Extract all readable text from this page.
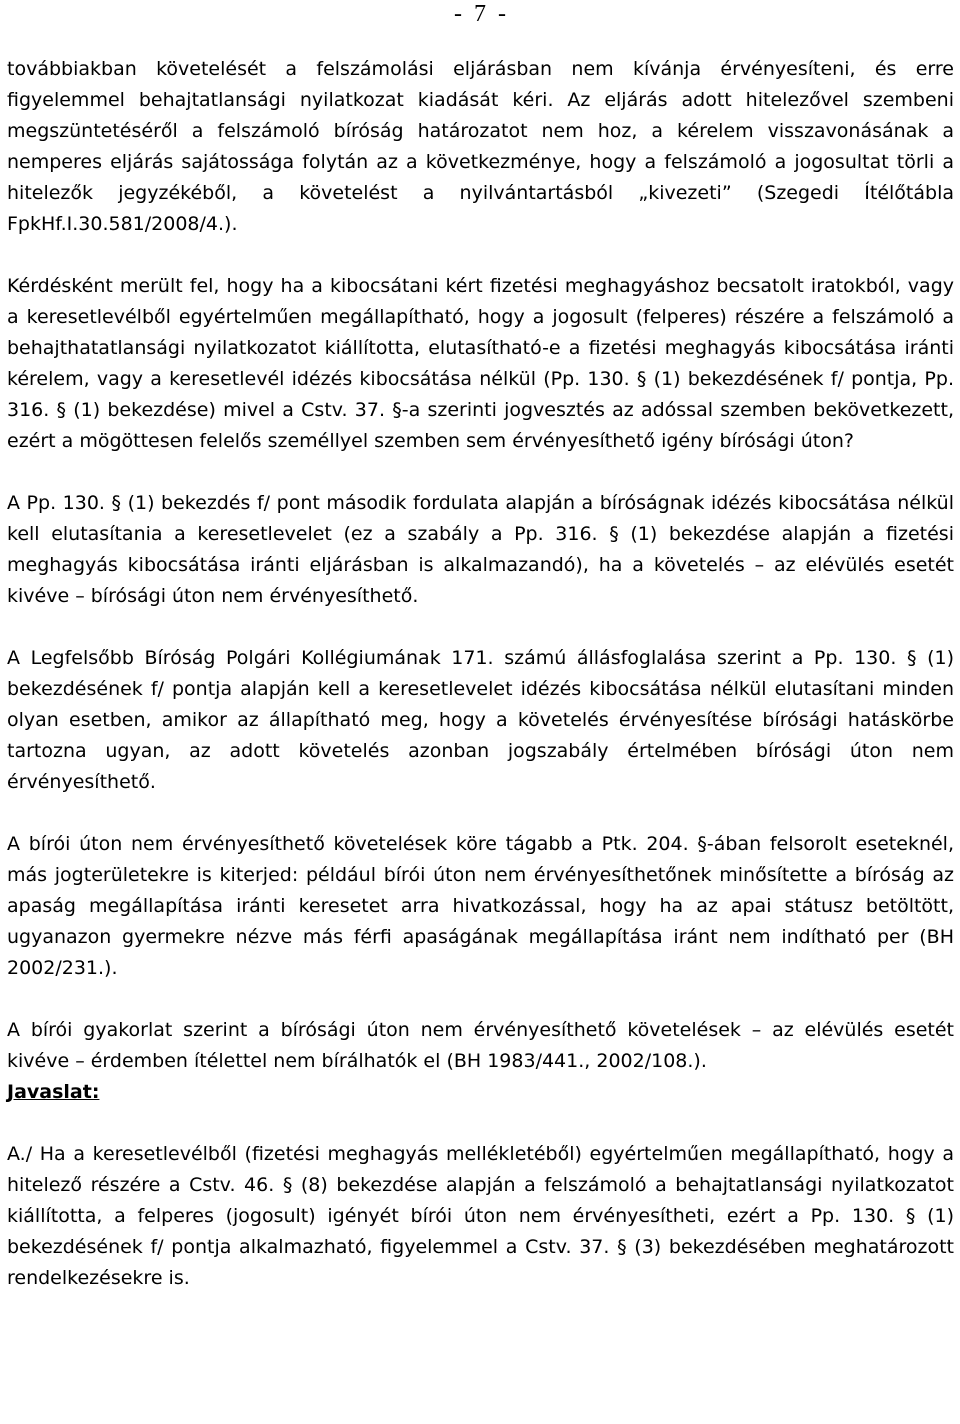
-  7  -

továbbiakban követelését a felszámolási eljárásban nem kívánja érvényesíteni, és erre figyelemmel behajtatlansági nyilatkozat kiadását kéri. Az eljárás adott hitelezővel szembeni megszüntetéséről a felszámoló bíróság határozatot nem hoz, a kérelem visszavonásának a nemperes eljárás sajátossága folytán az a következménye, hogy a felszámoló a jogosultat törli a hitelezők jegyzékéből, a követelést a nyilvántartásból „kivezeti” (Szegedi Ítélőtábla FpkHf.I.30.581/2008/4.).

Kérdésként merült fel, hogy ha a kibocsátani kért fizetési meghagyáshoz becsatolt iratokból, vagy a keresetlevélből egyértelműen megállapítható, hogy a jogosult (felperes) részére a felszámoló a behajthatatlansági nyilatkozatot kiállította, elutasítható-e a fizetési meghagyás kibocsátása iránti kérelem, vagy a keresetlevél idézés kibocsátása nélkül (Pp. 130. § (1) bekezdésének f/ pontja, Pp. 316. § (1) bekezdése) mivel a Cstv. 37. §-a szerinti jogvesztés az adóssal szemben bekövetkezett, ezért a mögöttesen felelős személlyel szemben sem érvényesíthető igény bírósági úton?

A Pp. 130. § (1) bekezdés f/ pont második fordulata alapján a bíróságnak idézés kibocsátása nélkül kell elutasítania a keresetlevelet (ez a szabály a Pp. 316. § (1) bekezdése alapján a fizetési meghagyás kibocsátása iránti eljárásban is alkalmazandó), ha a követelés – az elévülés esetét kivéve – bírósági úton nem érvényesíthető.

A Legfelsőbb Bíróság Polgári Kollégiumának 171. számú állásfoglalása szerint a Pp. 130. § (1) bekezdésének f/ pontja alapján kell a keresetlevelet idézés kibocsátása nélkül elutasítani minden olyan esetben, amikor az állapítható meg, hogy a követelés érvényesítése bírósági hatáskörbe tartozna ugyan, az adott követelés azonban jogszabály értelmében bírósági úton nem érvényesíthető.

A bírói úton nem érvényesíthető követelések köre tágabb a Ptk. 204. §-ában felsorolt eseteknél, más jogterületekre is kiterjed: például bírói úton nem érvényesíthetőnek minősítette a bíróság az apaság megállapítása iránti keresetet arra hivatkozással, hogy ha az apai státusz betöltött, ugyanazon gyermekre nézve más férfi apaságának megállapítása iránt nem indítható per (BH 2002/231.).

A bírói gyakorlat szerint a bírósági úton nem érvényesíthető követelések – az elévülés esetét kivéve – érdemben ítélettel nem bírálhatók el (BH 1983/441., 2002/108.).

Javaslat:

A./ Ha a keresetlevélből (fizetési meghagyás mellékletéből) egyértelműen megállapítható, hogy a hitelező részére a Cstv. 46. § (8) bekezdése alapján a felszámoló a behajtatlansági nyilatkozatot kiállította, a felperes (jogosult) igényét bírói úton nem érvényesítheti, ezért a Pp. 130. § (1) bekezdésének f/ pontja alkalmazható, figyelemmel a Cstv. 37. § (3) bekezdésében meghatározott rendelkezésekre is.
